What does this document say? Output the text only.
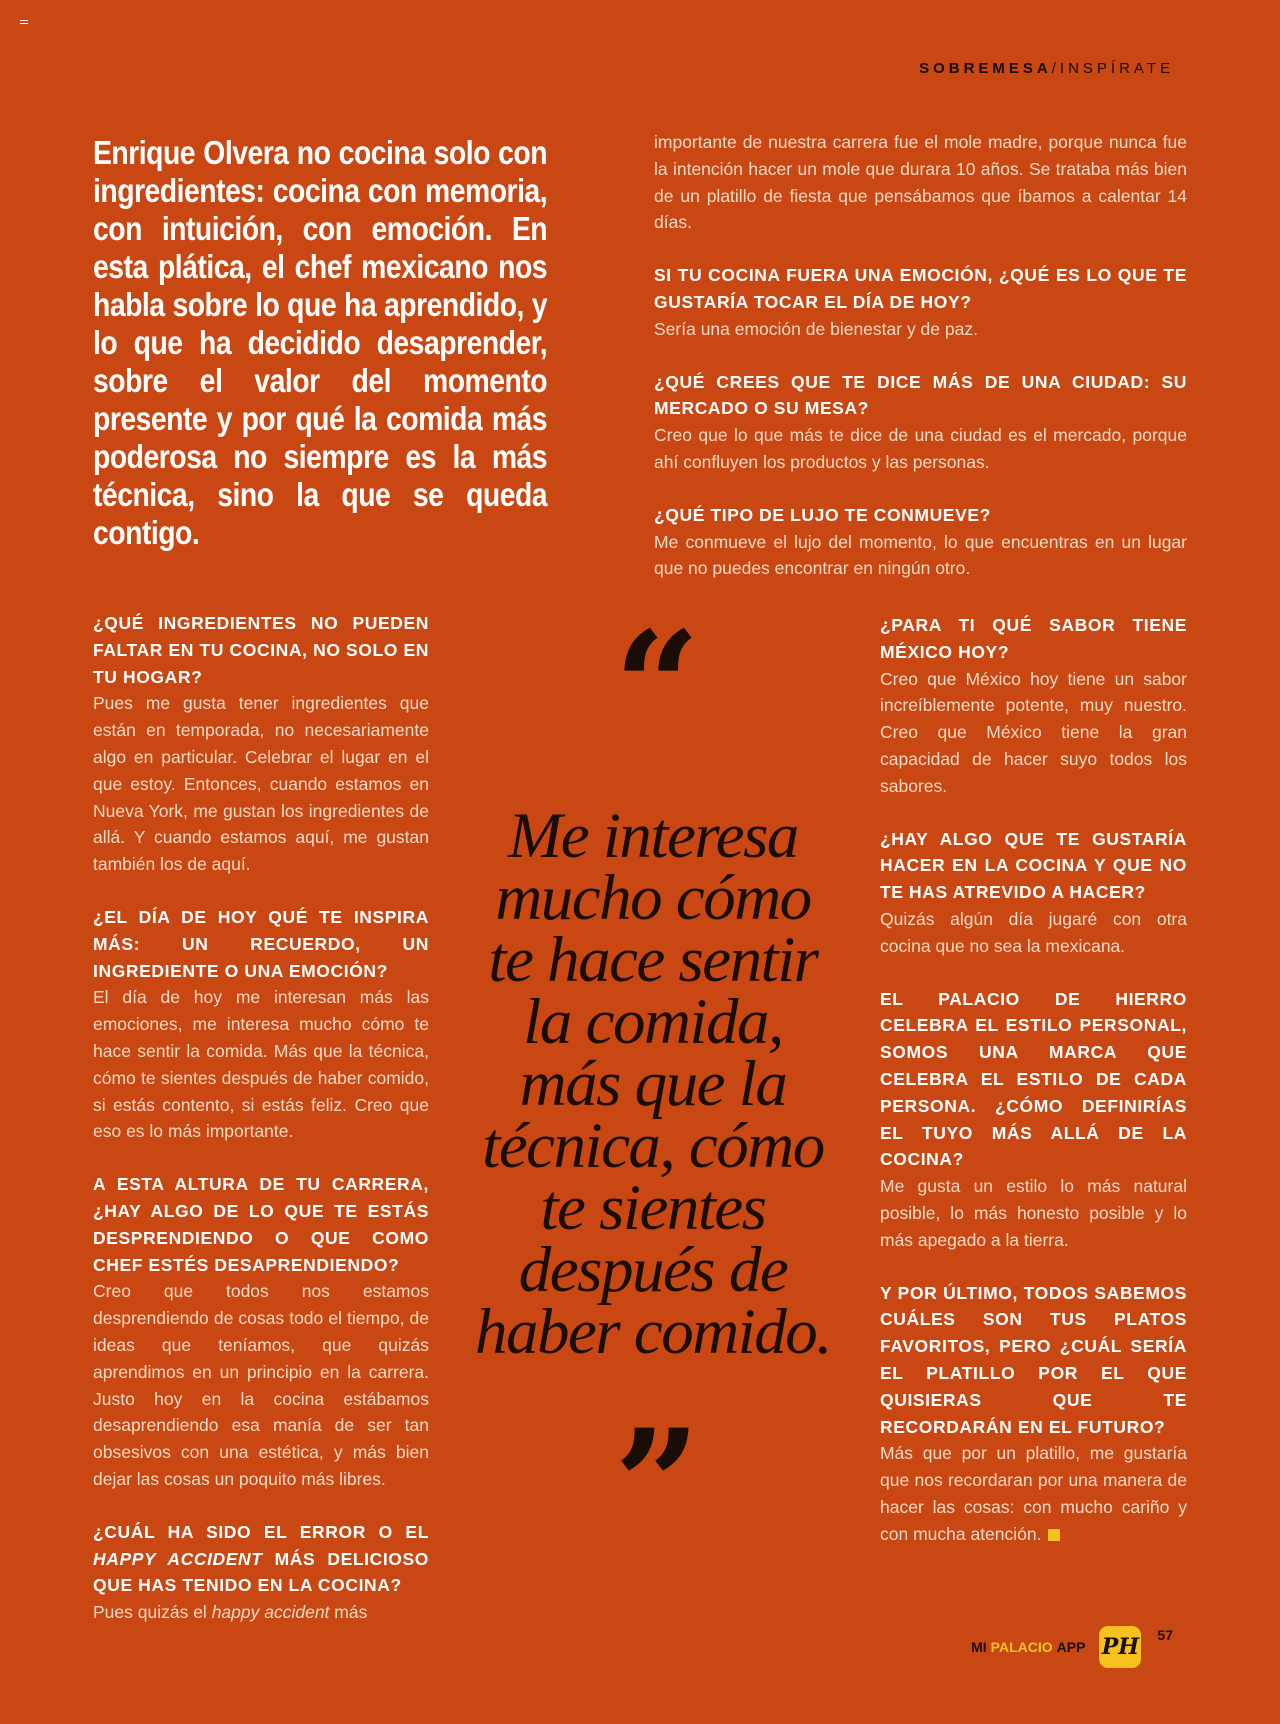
SOBREMESA/INSPÍRATE
Enrique Olvera no cocina solo con ingredientes: cocina con memoria, con intuición, con emoción. En esta plática, el chef mexicano nos habla sobre lo que ha aprendido, y lo que ha decidido desaprender, sobre el valor del momento presente y por qué la comida más poderosa no siempre es la más técnica, sino la que se queda contigo.
importante de nuestra carrera fue el mole madre, porque nunca fue la intención hacer un mole que durara 10 años. Se trataba más bien de un platillo de fiesta que pensábamos que íbamos a calentar 14 días.
SI TU COCINA FUERA UNA EMOCIÓN, ¿QUÉ ES LO QUE TE GUSTARÍA TOCAR EL DÍA DE HOY?
Sería una emoción de bienestar y de paz.
¿QUÉ CREES QUE TE DICE MÁS DE UNA CIUDAD: SU MERCADO O SU MESA?
Creo que lo que más te dice de una ciudad es el mercado, porque ahí confluyen los productos y las personas.
¿QUÉ TIPO DE LUJO TE CONMUEVE?
Me conmueve el lujo del momento, lo que encuentras en un lugar que no puedes encontrar en ningún otro.
¿QUÉ INGREDIENTES NO PUEDEN FALTAR EN TU COCINA, NO SOLO EN TU HOGAR?
Pues me gusta tener ingredientes que están en temporada, no necesariamente algo en particular. Celebrar el lugar en el que estoy. Entonces, cuando estamos en Nueva York, me gustan los ingredientes de allá. Y cuando estamos aquí, me gustan también los de aquí.
¿EL DÍA DE HOY QUÉ TE INSPIRA MÁS: UN RECUERDO, UN INGREDIENTE O UNA EMOCIÓN?
El día de hoy me interesan más las emociones, me interesa mucho cómo te hace sentir la comida. Más que la técnica, cómo te sientes después de haber comido, si estás contento, si estás feliz. Creo que eso es lo más importante.
A ESTA ALTURA DE TU CARRERA, ¿HAY ALGO DE LO QUE TE ESTÁS DESPRENDIENDO O QUE COMO CHEF ESTÉS DESAPRENDIENDO?
Creo que todos nos estamos desprendiendo de cosas todo el tiempo, de ideas que teníamos, que quizás aprendimos en un principio en la carrera. Justo hoy en la cocina estábamos desaprendiendo esa manía de ser tan obsesivos con una estética, y más bien dejar las cosas un poquito más libres.
¿CUÁL HA SIDO EL ERROR O EL HAPPY ACCIDENT MÁS DELICIOSO QUE HAS TENIDO EN LA COCINA?
Pues quizás el happy accident más
“
Me interesa mucho cómo te hace sentir la comida, más que la técnica, cómo te sientes después de haber comido.
”
¿PARA TI QUÉ SABOR TIENE MÉXICO HOY?
Creo que México hoy tiene un sabor increíblemente potente, muy nuestro. Creo que México tiene la gran capacidad de hacer suyo todos los sabores.
¿HAY ALGO QUE TE GUSTARÍA HACER EN LA COCINA Y QUE NO TE HAS ATREVIDO A HACER?
Quizás algún día jugaré con otra cocina que no sea la mexicana.
EL PALACIO DE HIERRO CELEBRA EL ESTILO PERSONAL, SOMOS UNA MARCA QUE CELEBRA EL ESTILO DE CADA PERSONA. ¿CÓMO DEFINIRÍAS EL TUYO MÁS ALLÁ DE LA COCINA?
Me gusta un estilo lo más natural posible, lo más honesto posible y lo más apegado a la tierra.
Y POR ÚLTIMO, TODOS SABEMOS CUÁLES SON TUS PLATOS FAVORITOS, PERO ¿CUÁL SERÍA EL PLATILLO POR EL QUE QUISIERAS QUE TE RECORDARÁN EN EL FUTURO?
Más que por un platillo, me gustaría que nos recordaran por una manera de hacer las cosas: con mucho cariño y con mucha atención.
MI PALACIO APP PH 57
